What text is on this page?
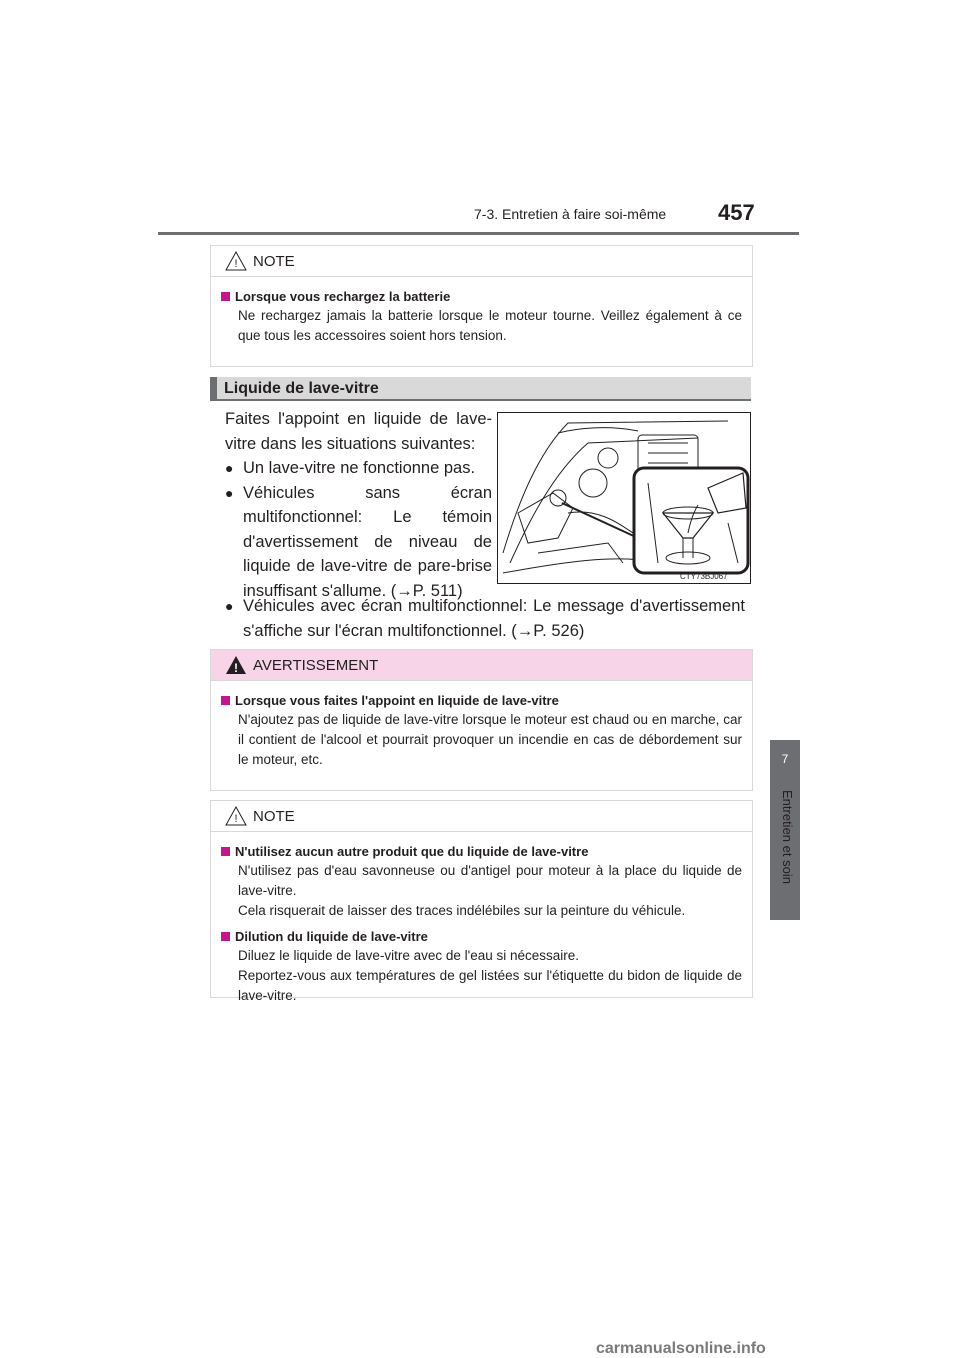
7-3. Entretien à faire soi-même	457
7
Entretien et soin
! NOTE

Lorsque vous rechargez la batterie

Ne rechargez jamais la batterie lorsque le moteur tourne. Veillez également à ce que tous les accessoires soient hors tension.

Liquide de lave-vitre
Faites l'appoint en liquide de lave-vitre dans les situations suivantes:
● Un lave-vitre ne fonctionne pas.
● Véhicules sans écran multifonctionnel: Le témoin d'avertissement de niveau de liquide de lave-vitre de pare-brise insuffisant s'allume. (→P. 511)
● Véhicules avec écran multifonctionnel: Le message d'avertissement s'affiche sur l'écran multifonctionnel. (→P. 526)
CTY73BJ067
! AVERTISSEMENT

Lorsque vous faites l'appoint en liquide de lave-vitre

N'ajoutez pas de liquide de lave-vitre lorsque le moteur est chaud ou en marche, car il contient de l'alcool et pourrait provoquer un incendie en cas de débordement sur le moteur, etc.

! NOTE

N'utilisez aucun autre produit que du liquide de lave-vitre

N'utilisez pas d'eau savonneuse ou d'antigel pour moteur à la place du liquide de lave-vitre.
Cela risquerait de laisser des traces indélébiles sur la peinture du véhicule.

Dilution du liquide de lave-vitre

Diluez le liquide de lave-vitre avec de l'eau si nécessaire.
Reportez-vous aux températures de gel listées sur l'étiquette du bidon de liquide de lave-vitre.

carmanualsonline.info
